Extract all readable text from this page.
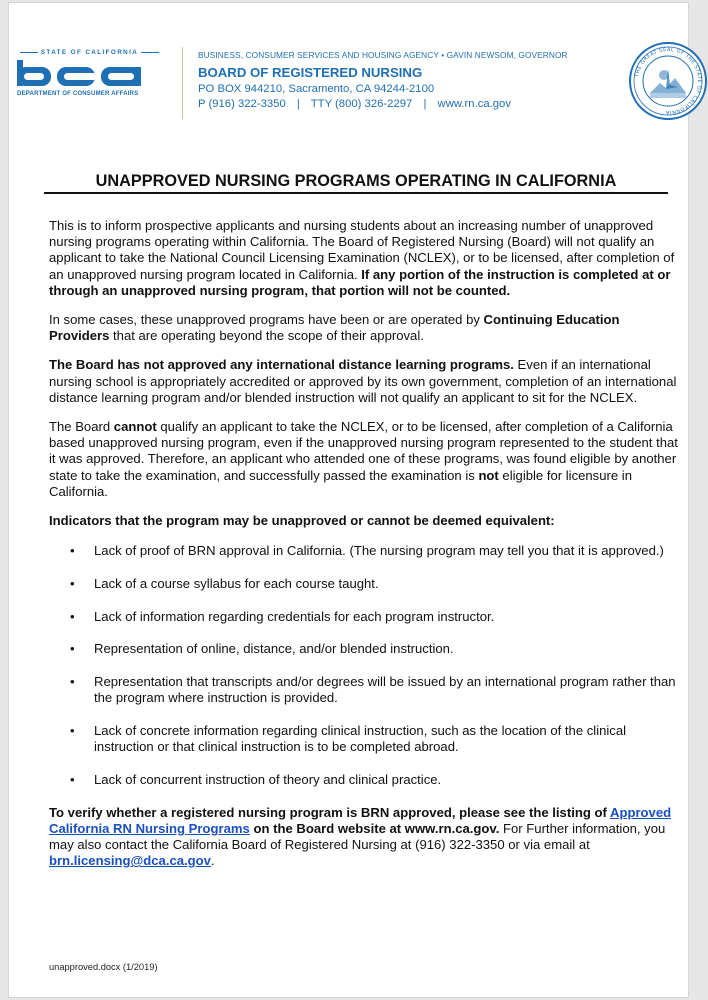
STATE OF CALIFORNIA
DEPARTMENT OF CONSUMER AFFAIRS
BUSINESS, CONSUMER SERVICES AND HOUSING AGENCY • GAVIN NEWSOM, GOVERNOR
BOARD OF REGISTERED NURSING
PO BOX 944210, Sacramento, CA 94244-2100
P (916) 322-3350 | TTY (800) 326-2297 | www.rn.ca.gov
THE GREAT SEAL OF THE STATE OF CALIFORNIA
UNAPPROVED NURSING PROGRAMS OPERATING IN CALIFORNIA

This is to inform prospective applicants and nursing students about an increasing number of unapproved nursing programs operating within California. The Board of Registered Nursing (Board) will not qualify an applicant to take the National Council Licensing Examination (NCLEX), or to be licensed, after completion of an unapproved nursing program located in California. If any portion of the instruction is completed at or through an unapproved nursing program, that portion will not be counted.

In some cases, these unapproved programs have been or are operated by Continuing Education Providers that are operating beyond the scope of their approval.

The Board has not approved any international distance learning programs. Even if an international nursing school is appropriately accredited or approved by its own government, completion of an international distance learning program and/or blended instruction will not qualify an applicant to sit for the NCLEX.

The Board cannot qualify an applicant to take the NCLEX, or to be licensed, after completion of a California based unapproved nursing program, even if the unapproved nursing program represented to the student that it was approved. Therefore, an applicant who attended one of these programs, was found eligible by another state to take the examination, and successfully passed the examination is not eligible for licensure in California.

Indicators that the program may be unapproved or cannot be deemed equivalent:

• Lack of proof of BRN approval in California. (The nursing program may tell you that it is approved.)
• Lack of a course syllabus for each course taught.
• Lack of information regarding credentials for each program instructor.
• Representation of online, distance, and/or blended instruction.
• Representation that transcripts and/or degrees will be issued by an international program rather than the program where instruction is provided.
• Lack of concrete information regarding clinical instruction, such as the location of the clinical instruction or that clinical instruction is to be completed abroad.
• Lack of concurrent instruction of theory and clinical practice.

To verify whether a registered nursing program is BRN approved, please see the listing of Approved California RN Nursing Programs on the Board website at www.rn.ca.gov. For Further information, you may also contact the California Board of Registered Nursing at (916) 322-3350 or via email at brn.licensing@dca.ca.gov.

unapproved.docx (1/2019)
